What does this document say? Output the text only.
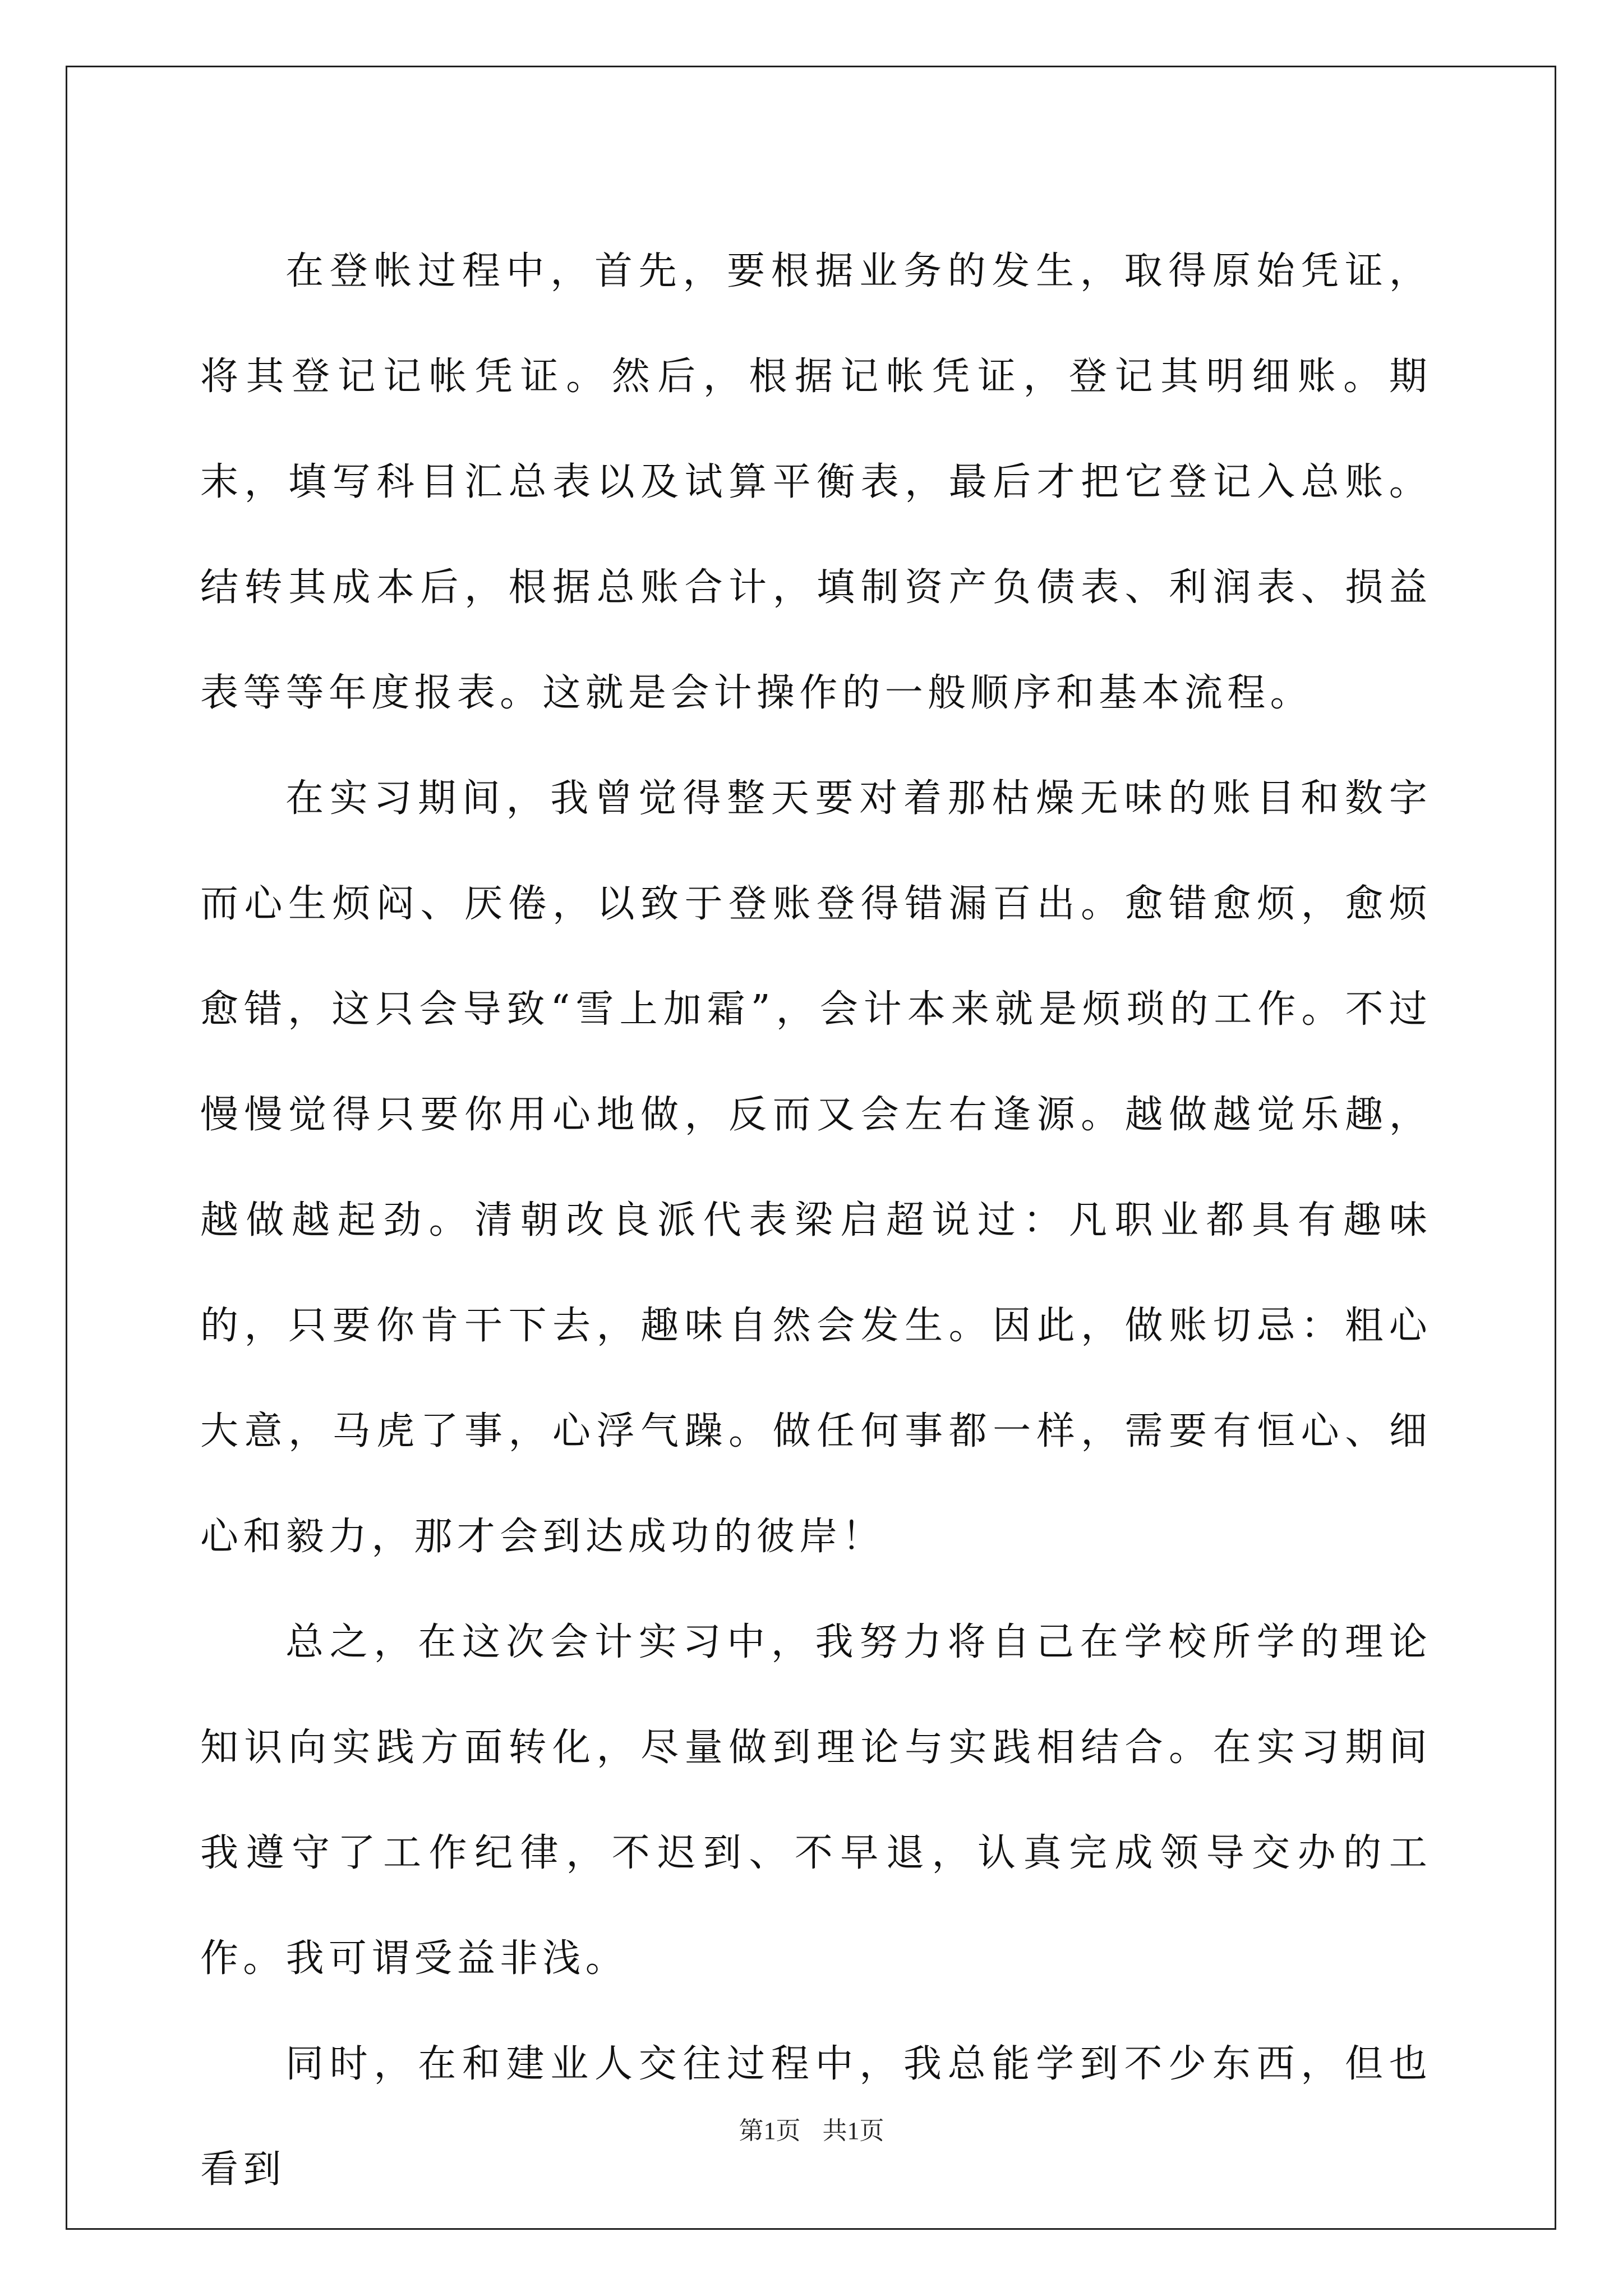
在登帐过程中，首先，要根据业务的发生，取得原始凭证，将其登记记帐凭证。然后，根据记帐凭证，登记其明细账。期末，填写科目汇总表以及试算平衡表，最后才把它登记入总账。结转其成本后，根据总账合计，填制资产负债表、利润表、损益表等等年度报表。这就是会计操作的一般顺序和基本流程。

在实习期间，我曾觉得整天要对着那枯燥无味的账目和数字而心生烦闷、厌倦，以致于登账登得错漏百出。愈错愈烦，愈烦愈错，这只会导致“雪上加霜”，会计本来就是烦琐的工作。不过慢慢觉得只要你用心地做，反而又会左右逢源。越做越觉乐趣，越做越起劲。清朝改良派代表梁启超说过：凡职业都具有趣味的，只要你肯干下去，趣味自然会发生。因此，做账切忌：粗心大意，马虎了事，心浮气躁。做任何事都一样，需要有恒心、细心和毅力，那才会到达成功的彼岸！

总之，在这次会计实习中，我努力将自己在学校所学的理论知识向实践方面转化，尽量做到理论与实践相结合。在实习期间我遵守了工作纪律，不迟到、不早退，认真完成领导交办的工作。我可谓受益非浅。

同时，在和建业人交往过程中，我总能学到不少东西，但也看到

第1页 共1页
